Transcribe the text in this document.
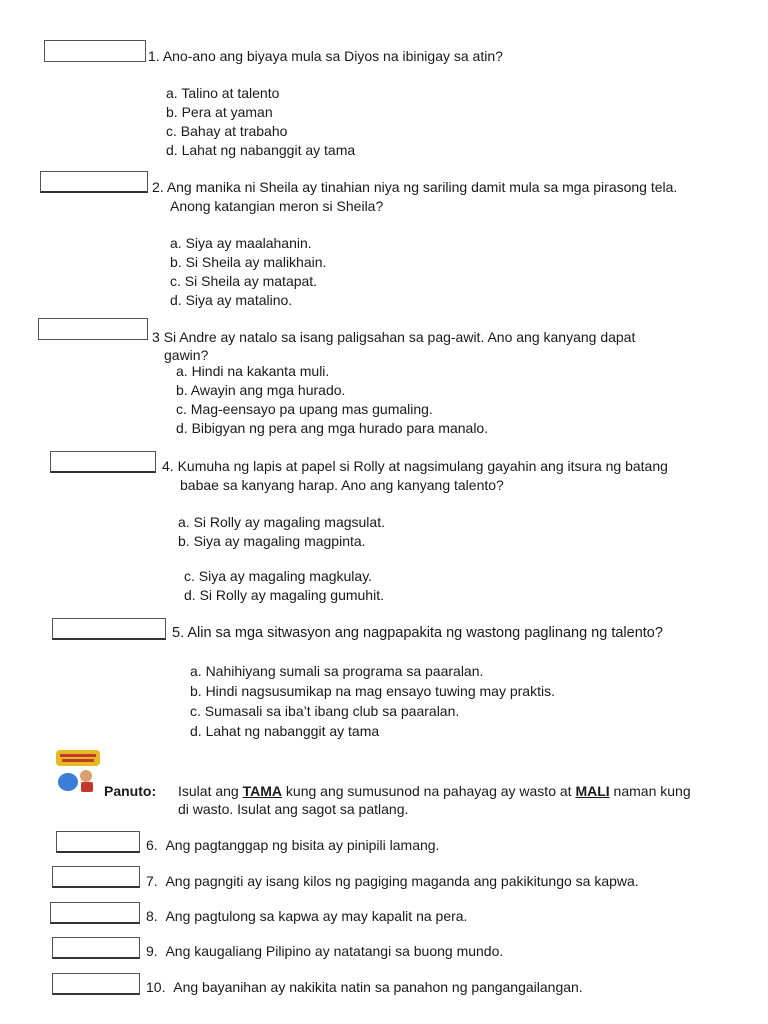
1. Ano-ano ang biyaya mula sa Diyos na ibinigay sa atin?
a. Talino at talento
b. Pera at yaman
c. Bahay at trabaho
d. Lahat ng nabanggit ay tama
2. Ang manika ni Sheila ay tinahian niya ng sariling damit mula sa mga pirasong tela.
Anong katangian meron si Sheila?
a. Siya ay maalahanin.
b. Si Sheila ay malikhain.
c. Si Sheila ay matapat.
d. Siya ay matalino.
3 Si Andre ay natalo sa isang paligsahan sa pag-awit. Ano ang kanyang dapat
gawin?
a. Hindi na kakanta muli.
b. Awayin ang mga hurado.
c. Mag-eensayo pa upang mas gumaling.
d. Bibigyan ng pera ang mga hurado para manalo.
4. Kumuha ng lapis at papel si Rolly at nagsimulang gayahin ang itsura ng batang
babae sa kanyang harap. Ano ang kanyang talento?
a. Si Rolly ay magaling magsulat.
b. Siya ay magaling magpinta.
c. Siya ay magaling magkulay.
d. Si Rolly ay magaling gumuhit.
5. Alin sa mga sitwasyon ang nagpapakita ng wastong paglinang ng talento?
a. Nahihiyang sumali sa programa sa paaralan.
b. Hindi nagsusumikap na mag ensayo tuwing may praktis.
c. Sumasali sa iba’t ibang club sa paaralan.
d. Lahat ng nabanggit ay tama
Panuto: Isulat ang TAMA kung ang sumusunod na pahayag ay wasto at MALI naman kung
di wasto. Isulat ang sagot sa patlang.
6. Ang pagtanggap ng bisita ay pinipili lamang.
7. Ang pagngiti ay isang kilos ng pagiging maganda ang pakikitungo sa kapwa.
8. Ang pagtulong sa kapwa ay may kapalit na pera.
9. Ang kaugaliang Pilipino ay natatangi sa buong mundo.
10. Ang bayanihan ay nakikita natin sa panahon ng pangangailangan.
